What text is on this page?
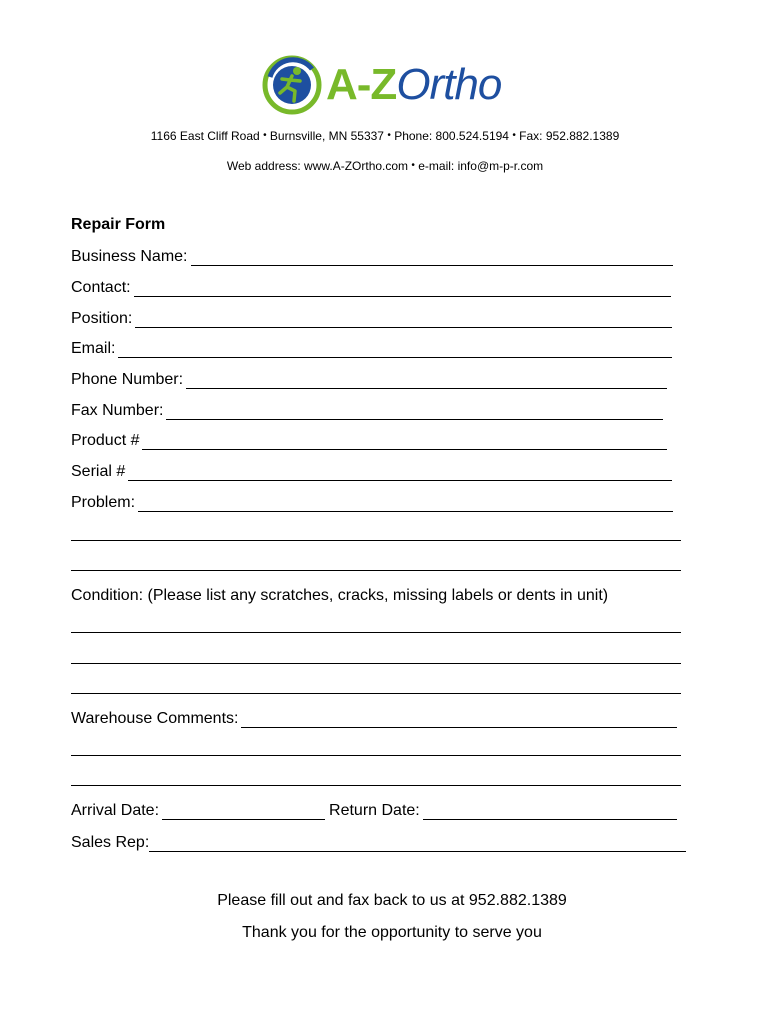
A-ZOrtho
1166 East Cliff Road • Burnsville, MN 55337 • Phone: 800.524.5194 • Fax: 952.882.1389
Web address: www.A-ZOrtho.com • e-mail: info@m-p-r.com
Repair Form
Business Name:
Contact:
Position:
Email:
Phone Number:
Fax Number:
Product #
Serial #
Problem:
Condition: (Please list any scratches, cracks, missing labels or dents in unit)
Warehouse Comments:
Arrival Date:	Return Date:
Sales Rep:
Please fill out and fax back to us at 952.882.1389
Thank you for the opportunity to serve you
